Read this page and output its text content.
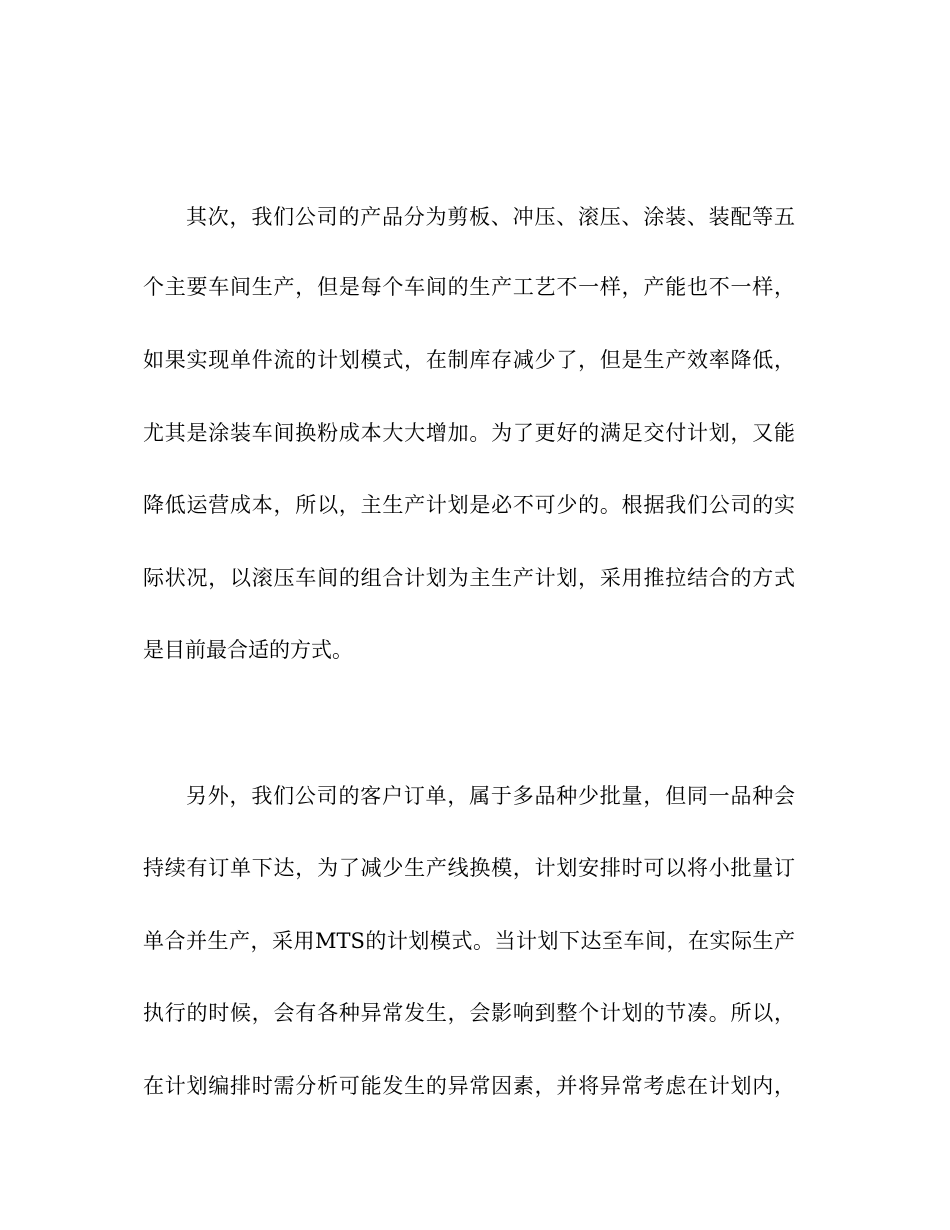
其次，我们公司的产品分为剪板、冲压、滚压、涂装、装配等五
个主要车间生产，但是每个车间的生产工艺不一样，产能也不一样，
如果实现单件流的计划模式，在制库存减少了，但是生产效率降低，
尤其是涂装车间换粉成本大大增加。为了更好的满足交付计划，又能
降低运营成本，所以，主生产计划是必不可少的。根据我们公司的实
际状况，以滚压车间的组合计划为主生产计划，采用推拉结合的方式
是目前最合适的方式。
另外，我们公司的客户订单，属于多品种少批量，但同一品种会
持续有订单下达，为了减少生产线换模，计划安排时可以将小批量订
单合并生产，采用MTS的计划模式。当计划下达至车间，在实际生产
执行的时候，会有各种异常发生，会影响到整个计划的节凑。所以，
在计划编排时需分析可能发生的异常因素，并将异常考虑在计划内，
